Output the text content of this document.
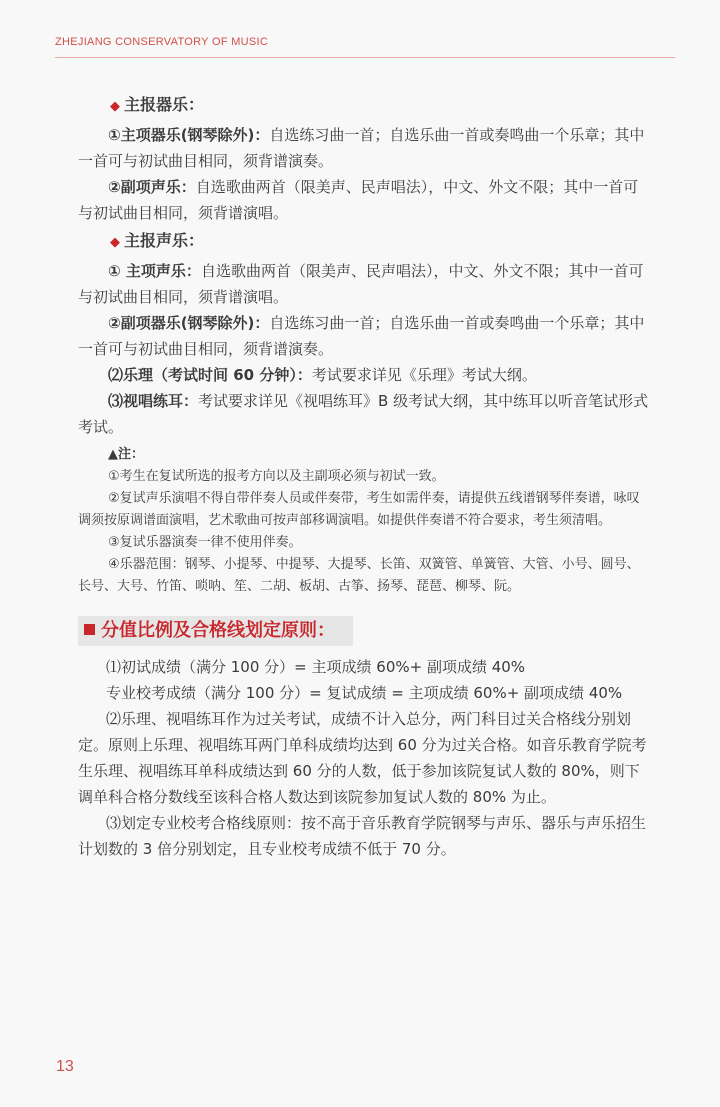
ZHEJIANG CONSERVATORY OF MUSIC

◆ 主报器乐：

①主项器乐(钢琴除外)：自选练习曲一首；自选乐曲一首或奏鸣曲一个乐章；其中一首可与初试曲目相同，须背谱演奏。

②副项声乐：自选歌曲两首（限美声、民声唱法），中文、外文不限；其中一首可与初试曲目相同，须背谱演唱。

◆ 主报声乐：

① 主项声乐：自选歌曲两首（限美声、民声唱法），中文、外文不限；其中一首可与初试曲目相同，须背谱演唱。

②副项器乐(钢琴除外)：自选练习曲一首；自选乐曲一首或奏鸣曲一个乐章；其中一首可与初试曲目相同，须背谱演奏。

⑵乐理（考试时间 60 分钟）：考试要求详见《乐理》考试大纲。

⑶视唱练耳：考试要求详见《视唱练耳》B 级考试大纲，其中练耳以听音笔试形式考试。

▲注：

①考生在复试所选的报考方向以及主副项必须与初试一致。

②复试声乐演唱不得自带伴奏人员或伴奏带，考生如需伴奏，请提供五线谱钢琴伴奏谱，咏叹调须按原调谱面演唱，艺术歌曲可按声部移调演唱。如提供伴奏谱不符合要求，考生须清唱。

③复试乐器演奏一律不使用伴奏。

④乐器范围：钢琴、小提琴、中提琴、大提琴、长笛、双簧管、单簧管、大管、小号、圆号、长号、大号、竹笛、唢呐、笙、二胡、板胡、古筝、扬琴、琵琶、柳琴、阮。

分值比例及合格线划定原则：

⑴初试成绩（满分 100 分）= 主项成绩 60%+ 副项成绩 40%

专业校考成绩（满分 100 分）= 复试成绩 = 主项成绩 60%+ 副项成绩 40%

⑵乐理、视唱练耳作为过关考试，成绩不计入总分，两门科目过关合格线分别划定。原则上乐理、视唱练耳两门单科成绩均达到 60 分为过关合格。如音乐教育学院考生乐理、视唱练耳单科成绩达到 60 分的人数，低于参加该院复试人数的 80%，则下调单科合格分数线至该科合格人数达到该院参加复试人数的 80% 为止。

⑶划定专业校考合格线原则：按不高于音乐教育学院钢琴与声乐、器乐与声乐招生计划数的 3 倍分别划定，且专业校考成绩不低于 70 分。

13
